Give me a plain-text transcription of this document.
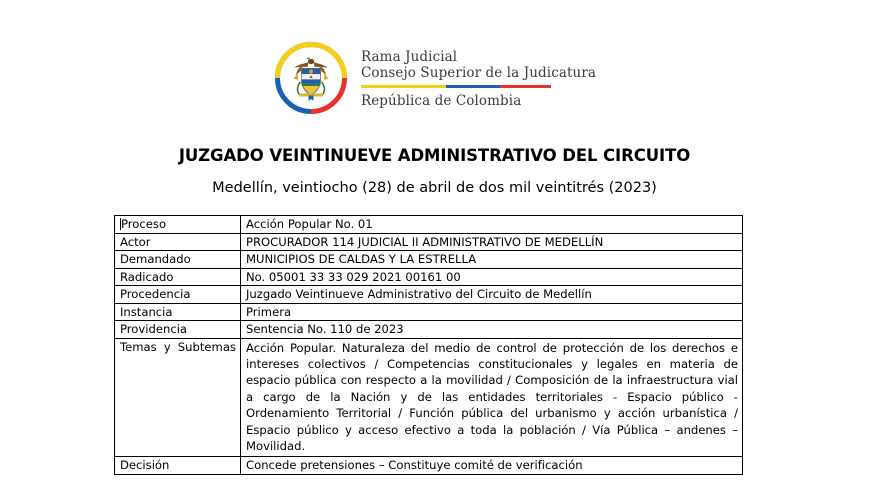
Rama Judicial
Consejo Superior de la Judicatura
República de Colombia
JUZGADO VEINTINUEVE ADMINISTRATIVO DEL CIRCUITO
Medellín, veintiocho (28) de abril de dos mil veintitrés (2023)
Proceso	Acción Popular No. 01
Actor	PROCURADOR 114 JUDICIAL II ADMINISTRATIVO DE MEDELLÍN
Demandado	MUNICIPIOS DE CALDAS Y LA ESTRELLA
Radicado	No. 05001 33 33 029 2021 00161 00
Procedencia	Juzgado Veintinueve Administrativo del Circuito de Medellín
Instancia	Primera
Providencia	Sentencia No. 110 de 2023
Temas y Subtemas	Acción Popular. Naturaleza del medio de control de protección de los derechos e intereses colectivos / Competencias constitucionales y legales en materia de espacio pública con respecto a la movilidad / Composición de la infraestructura vial a cargo de la Nación y de las entidades territoriales - Espacio público - Ordenamiento Territorial / Función pública del urbanismo y acción urbanística / Espacio público y acceso efectivo a toda la población / Vía Pública – andenes – Movilidad.
Decisión	Concede pretensiones – Constituye comité de verificación
